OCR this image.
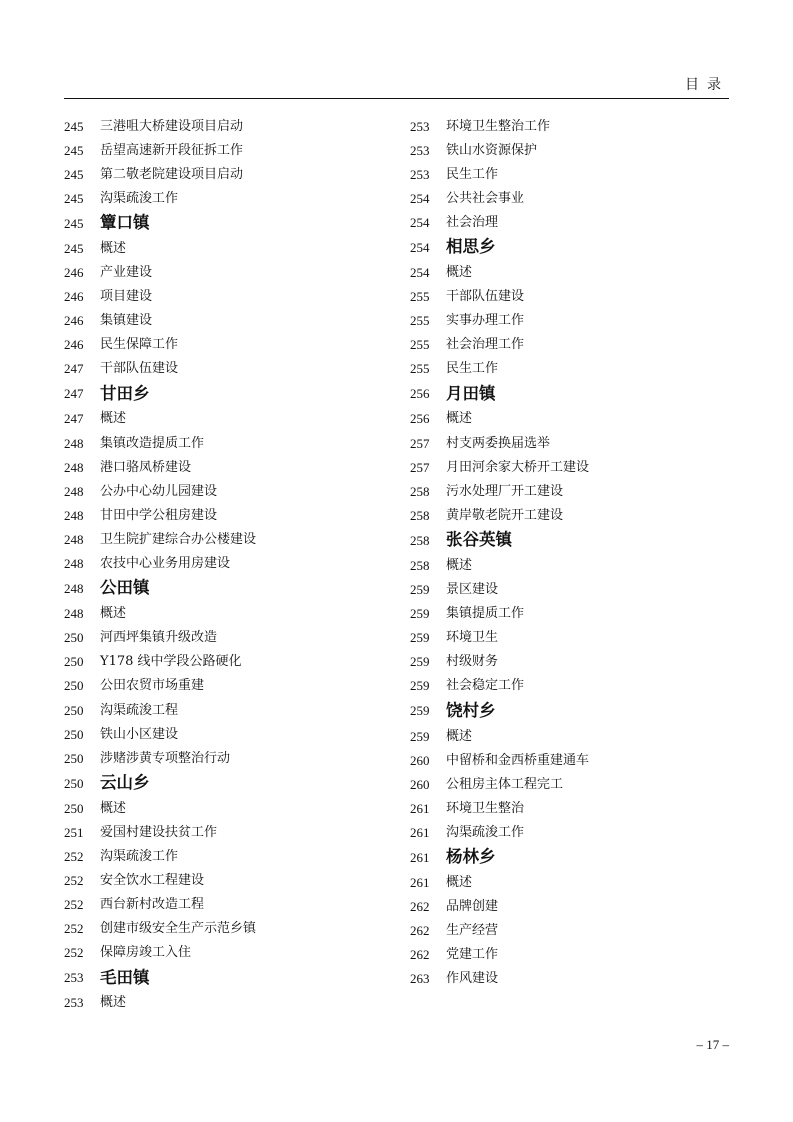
目录
245	三港咀大桥建设项目启动
245	岳望高速新开段征拆工作
245	第二敬老院建设项目启动
245	沟渠疏浚工作
245	簟口镇
245	概述
246	产业建设
246	项目建设
246	集镇建设
246	民生保障工作
247	干部队伍建设
247	甘田乡
247	概述
248	集镇改造提质工作
248	港口骆凤桥建设
248	公办中心幼儿园建设
248	甘田中学公租房建设
248	卫生院扩建综合办公楼建设
248	农技中心业务用房建设
248	公田镇
248	概述
250	河西坪集镇升级改造
250	Y178 线中学段公路硬化
250	公田农贸市场重建
250	沟渠疏浚工程
250	铁山小区建设
250	涉赌涉黄专项整治行动
250	云山乡
250	概述
251	爱国村建设扶贫工作
252	沟渠疏浚工作
252	安全饮水工程建设
252	西台新村改造工程
252	创建市级安全生产示范乡镇
252	保障房竣工入住
253	毛田镇
253	概述
253	环境卫生整治工作
253	铁山水资源保护
253	民生工作
254	公共社会事业
254	社会治理
254	相思乡
254	概述
255	干部队伍建设
255	实事办理工作
255	社会治理工作
255	民生工作
256	月田镇
256	概述
257	村支两委换届选举
257	月田河余家大桥开工建设
258	污水处理厂开工建设
258	黄岸敬老院开工建设
258	张谷英镇
258	概述
259	景区建设
259	集镇提质工作
259	环境卫生
259	村级财务
259	社会稳定工作
259	饶村乡
259	概述
260	中留桥和金西桥重建通车
260	公租房主体工程完工
261	环境卫生整治
261	沟渠疏浚工作
261	杨林乡
261	概述
262	品牌创建
262	生产经营
262	党建工作
263	作风建设
– 17 –
